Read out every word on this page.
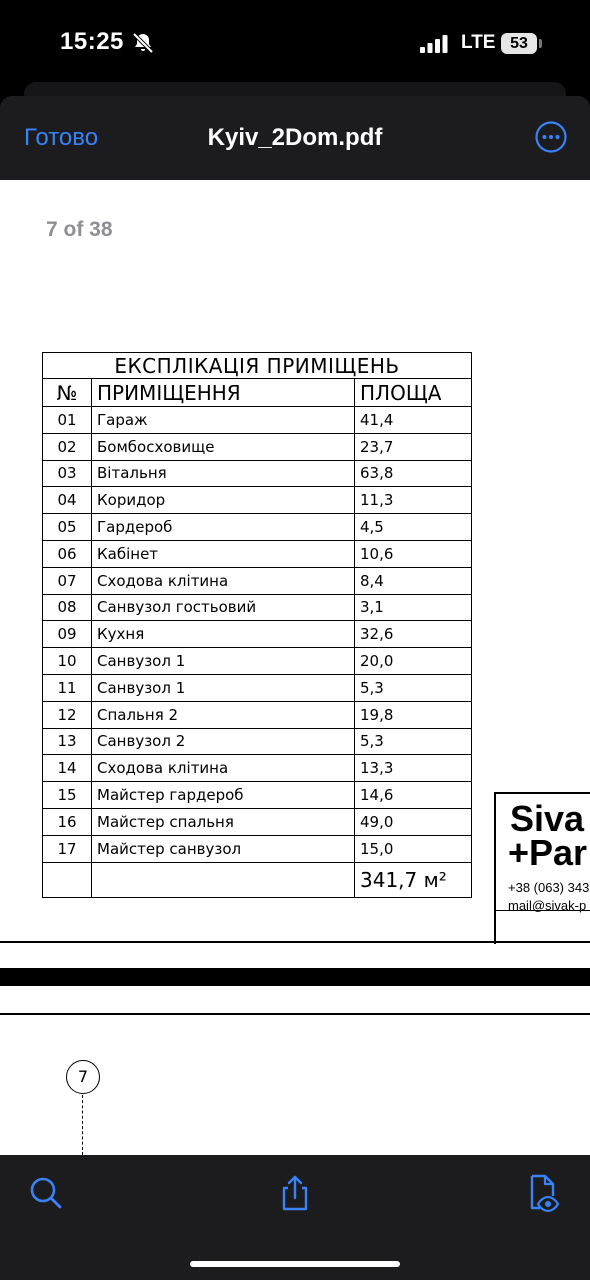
15:25	LTE 53
Готово	Kyiv_2Dom.pdf
7 of 38
ЕКСПЛІКАЦІЯ ПРИМІЩЕНЬ		
№	ПРИМІЩЕННЯ	ПЛОЩА
01	Гараж	41,4
02	Бомбосховище	23,7
03	Вітальня	63,8
04	Коридор	11,3
05	Гардероб	4,5
06	Кабінет	10,6
07	Сходова клітина	8,4
08	Санвузол гостьовий	3,1
09	Кухня	32,6
10	Санвузол 1	20,0
11	Санвузол 1	5,3
12	Спальня 2	19,8
13	Санвузол 2	5,3
14	Сходова клітина	13,3
15	Майстер гардероб	14,6
16	Майстер спальня	49,0
17	Майстер санвузол	15,0
		341,7 м²
Siva
+Par
+38 (063) 343
mail@sivak-p
7
